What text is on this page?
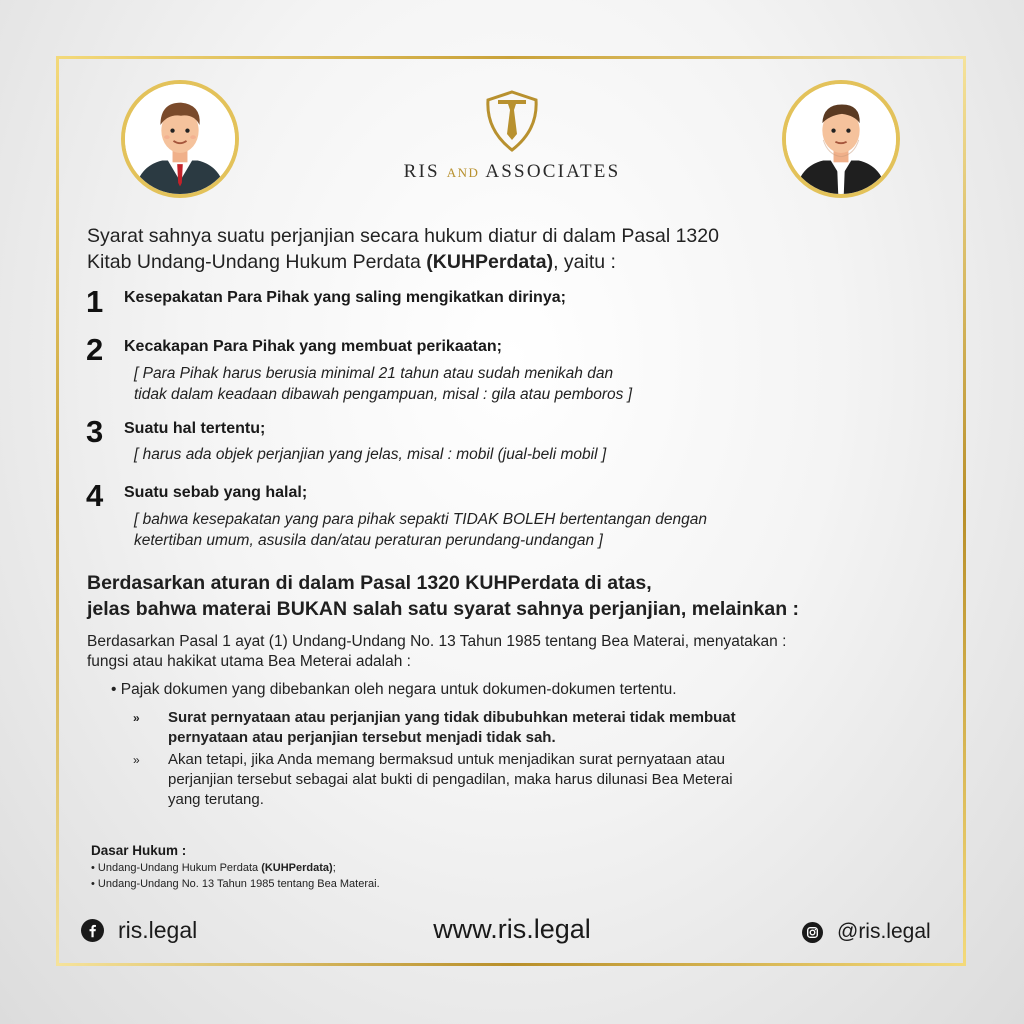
RIS AND ASSOCIATES
Syarat sahnya suatu perjanjian secara hukum diatur di dalam Pasal 1320
Kitab Undang-Undang Hukum Perdata (KUHPerdata), yaitu :
1 Kesepakatan Para Pihak yang saling mengikatkan dirinya;
2 Kecakapan Para Pihak yang membuat perikaatan;
[ Para Pihak harus berusia minimal 21 tahun atau sudah menikah dan
tidak dalam keadaan dibawah pengampuan, misal : gila atau pemboros ]
3 Suatu hal tertentu;
[ harus ada objek perjanjian yang jelas, misal : mobil (jual-beli mobil ]
4 Suatu sebab yang halal;
[ bahwa kesepakatan yang para pihak sepakti TIDAK BOLEH bertentangan dengan
ketertiban umum, asusila dan/atau peraturan perundang-undangan ]
Berdasarkan aturan di dalam Pasal 1320 KUHPerdata di atas,
jelas bahwa materai BUKAN salah satu syarat sahnya perjanjian, melainkan :
Berdasarkan Pasal 1 ayat (1) Undang-Undang No. 13 Tahun 1985 tentang Bea Materai, menyatakan :
fungsi atau hakikat utama Bea Meterai adalah :
• Pajak dokumen yang dibebankan oleh negara untuk dokumen-dokumen tertentu.
» Surat pernyataan atau perjanjian yang tidak dibubuhkan meterai tidak membuat
pernyataan atau perjanjian tersebut menjadi tidak sah.
» Akan tetapi, jika Anda memang bermaksud untuk menjadikan surat pernyataan atau
perjanjian tersebut sebagai alat bukti di pengadilan, maka harus dilunasi Bea Meterai
yang terutang.
Dasar Hukum :
• Undang-Undang Hukum Perdata (KUHPerdata);
• Undang-Undang No. 13 Tahun 1985 tentang Bea Materai.
ris.legal	www.ris.legal	@ris.legal
